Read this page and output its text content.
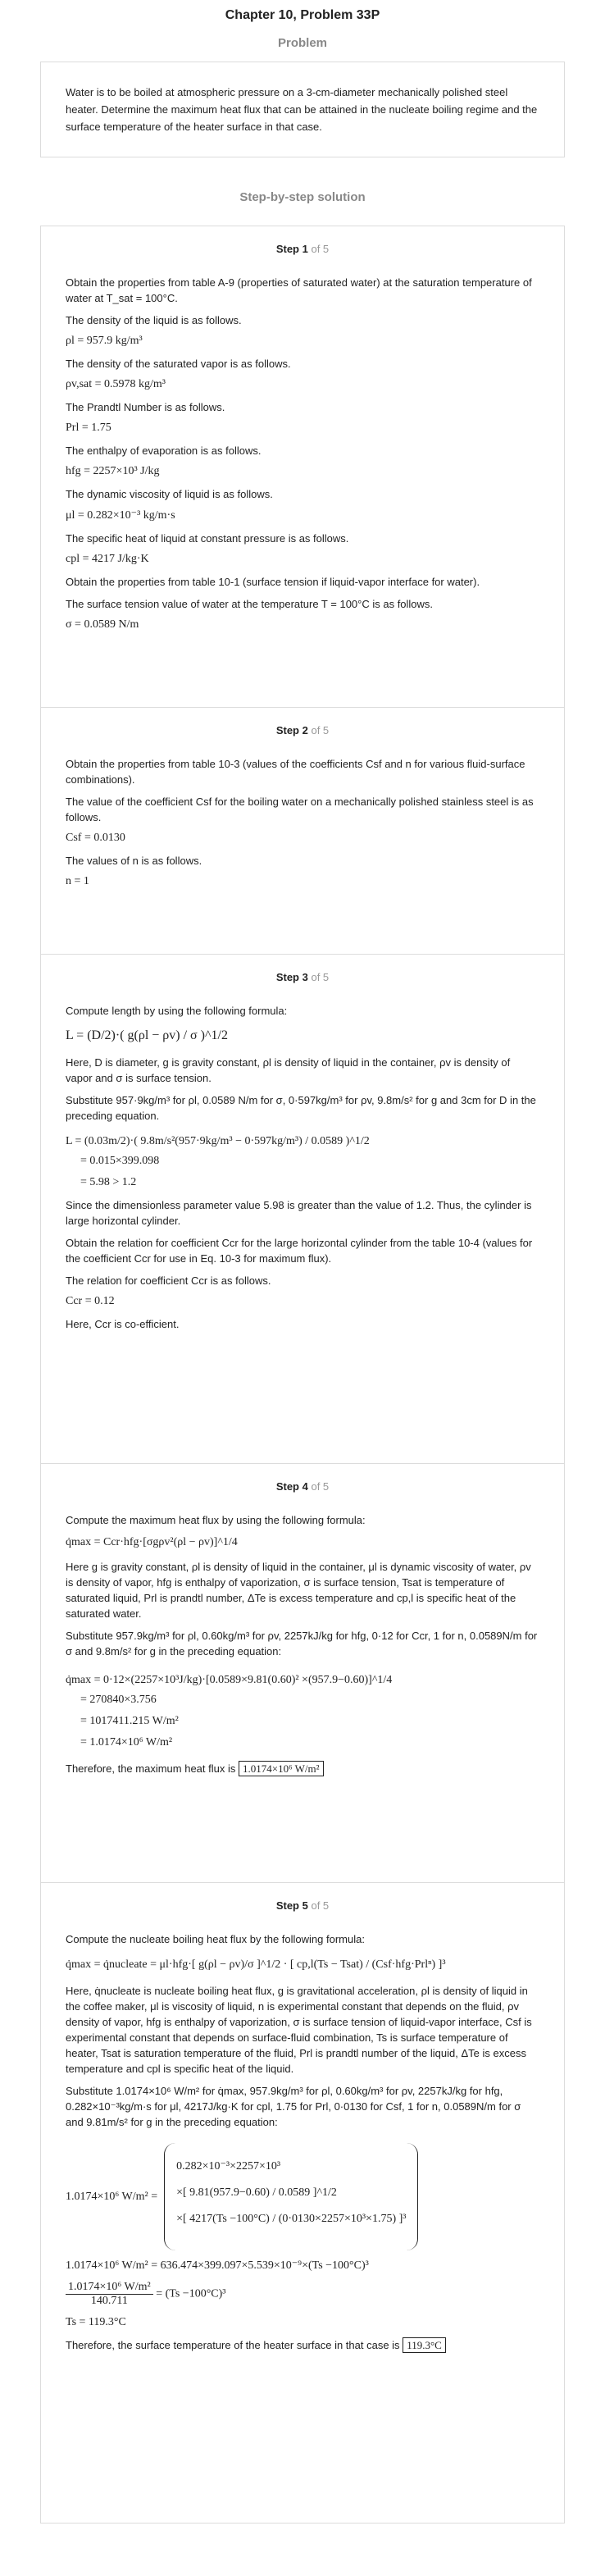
Chapter 10, Problem 33P
Problem
Water is to be boiled at atmospheric pressure on a 3-cm-diameter mechanically polished steel heater. Determine the maximum heat flux that can be attained in the nucleate boiling regime and the surface temperature of the heater surface in that case.
Step-by-step solution
Step 1 of 5
Obtain the properties from table A-9 (properties of saturated water) at the saturation temperature of water at T_sat = 100°C.
The density of the liquid is as follows.
ρl = 957.9 kg/m³
The density of the saturated vapor is as follows.
ρv,sat = 0.5978 kg/m³
The Prandtl Number is as follows.
Prl = 1.75
The enthalpy of evaporation is as follows.
hfg = 2257×10³ J/kg
The dynamic viscosity of liquid is as follows.
μl = 0.282×10⁻³ kg/m·s
The specific heat of liquid at constant pressure is as follows.
cpl = 4217 J/kg·K
Obtain the properties from table 10-1 (surface tension if liquid-vapor interface for water).
The surface tension value of water at the temperature T = 100°C is as follows.
σ = 0.0589 N/m
Step 2 of 5
Obtain the properties from table 10-3 (values of the coefficients Csf and n for various fluid-surface combinations).
The value of the coefficient Csf for the boiling water on a mechanically polished stainless steel is as follows.
Csf = 0.0130
The values of n is as follows.
n = 1
Step 3 of 5
Compute length by using the following formula:
L = (D/2)·( g(ρl − ρv) / σ )^1/2
Here, D is diameter, g is gravity constant, ρl is density of liquid in the container, ρv is density of vapor and σ is surface tension.
Substitute 957·9kg/m³ for ρl, 0.0589 N/m for σ, 0·597kg/m³ for ρv, 9.8m/s² for g and 3cm for D in the preceding equation.
L = (0.03m/2)·( 9.8m/s²(957·9kg/m³ − 0·597kg/m³) / 0.0589 )^1/2
= 0.015×399.098
= 5.98 > 1.2
Since the dimensionless parameter value 5.98 is greater than the value of 1.2. Thus, the cylinder is large horizontal cylinder.
Obtain the relation for coefficient Ccr for the large horizontal cylinder from the table 10-4 (values for the coefficient Ccr for use in Eq. 10-3 for maximum flux).
The relation for coefficient Ccr is as follows.
Ccr = 0.12
Here, Ccr is co-efficient.
Step 4 of 5
Compute the maximum heat flux by using the following formula:
q̇max = Ccr·hfg·[σgρv²(ρl − ρv)]^1/4
Here g is gravity constant, ρl is density of liquid in the container, μl is dynamic viscosity of water, ρv is density of vapor, hfg is enthalpy of vaporization, σ is surface tension, Tsat is temperature of saturated liquid, Prl is prandtl number, ΔTe is excess temperature and cp,l is specific heat of the saturated water.
Substitute 957.9kg/m³ for ρl, 0.60kg/m³ for ρv, 2257kJ/kg for hfg, 0·12 for Ccr, 1 for n, 0.0589N/m for σ and 9.8m/s² for g in the preceding equation:
q̇max = 0·12×(2257×10³J/kg)·[0.0589×9.81(0.60)² ×(957.9−0.60)]^1/4
= 270840×3.756
= 1017411.215 W/m²
= 1.0174×10⁶ W/m²
Therefore, the maximum heat flux is 1.0174×10⁶ W/m²
Step 5 of 5
Compute the nucleate boiling heat flux by the following formula:
q̇max = q̇nucleate = μl·hfg·[ g(ρl − ρv)/σ ]^1/2 · [ cp,l(Ts − Tsat) / (Csf·hfg·Prlⁿ) ]³
Here, q̇nucleate is nucleate boiling heat flux, g is gravitational acceleration, ρl is density of liquid in the coffee maker, μl is viscosity of liquid, n is experimental constant that depends on the fluid, ρv density of vapor, hfg is enthalpy of vaporization, σ is surface tension of liquid-vapor interface, Csf is experimental constant that depends on surface-fluid combination, Ts is surface temperature of heater, Tsat is saturation temperature of the fluid, Prl is prandtl number of the liquid, ΔTe is excess temperature and cpl is specific heat of the liquid.
Substitute 1.0174×10⁶ W/m² for q̇max, 957.9kg/m³ for ρl, 0.60kg/m³ for ρv, 2257kJ/kg for hfg, 0.282×10⁻³kg/m·s for μl, 4217J/kg·K for cpl, 1.75 for Prl, 0·0130 for Csf, 1 for n, 0.0589N/m for σ and 9.81m/s² for g in the preceding equation:
1.0174×10⁶ W/m² =
0.282×10⁻³×2257×10³
×[ 9.81(957.9−0.60) / 0.0589 ]^1/2
×[ 4217(Ts −100°C) / (0·0130×2257×10³×1.75) ]³
1.0174×10⁶ W/m² = 636.474×399.097×5.539×10⁻⁹×(Ts −100°C)³
$\frac{\text{1.0174×10⁶ W/m²}}{140.711} = (Ts -100^\circ C)^3$
Ts = 119.3°C
Therefore, the surface temperature of the heater surface in that case is 119.3°C
